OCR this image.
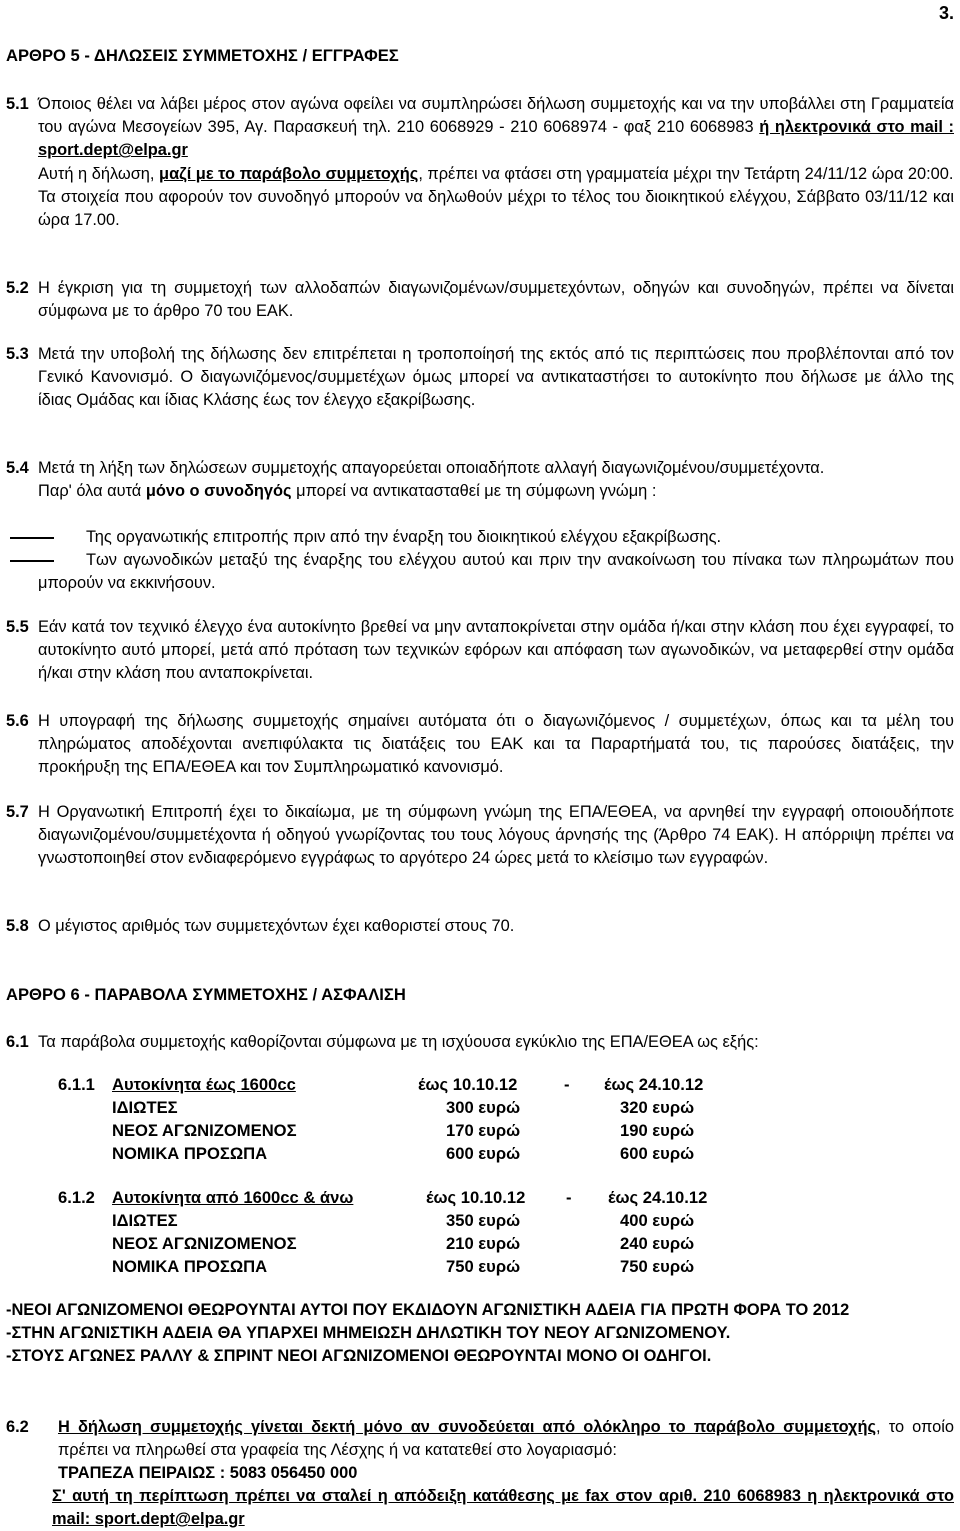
3.
ΑΡΘΡΟ 5 - ΔΗΛΩΣΕΙΣ ΣΥΜΜΕΤΟΧΗΣ / ΕΓΓΡΑΦΕΣ
5.1 Όποιος θέλει να λάβει μέρος στον αγώνα οφείλει να συμπληρώσει δήλωση συμμετοχής και να την υποβάλλει στη Γραμματεία του αγώνα Μεσογείων 395, Αγ. Παρασκευή τηλ. 210 6068929 - 210 6068974 - φαξ 210 6068983 ή ηλεκτρονικά στο mail : sport.dept@elpa.gr

Αυτή η δήλωση, μαζί με το παράβολο συμμετοχής, πρέπει να φτάσει στη γραμματεία μέχρι την Τετάρτη 24/11/12 ώρα 20:00.

Τα στοιχεία που αφορούν τον συνοδηγό μπορούν να δηλωθούν μέχρι το τέλος του διοικητικού ελέγχου, Σάββατο 03/11/12 και ώρα 17.00.

5.2 Η έγκριση για τη συμμετοχή των αλλοδαπών διαγωνιζομένων/συμμετεχόντων, οδηγών και συνοδηγών, πρέπει να δίνεται σύμφωνα με το άρθρο 70 του ΕΑΚ.
5.3 Μετά την υποβολή της δήλωσης δεν επιτρέπεται η τροποποίησή της εκτός από τις περιπτώσεις που προβλέπονται από τον Γενικό Κανονισμό. Ο διαγωνιζόμενος/συμμετέχων όμως μπορεί να αντικαταστήσει το αυτοκίνητο που δήλωσε με άλλο της ίδιας Ομάδας και ίδιας Κλάσης έως τον έλεγχο εξακρίβωσης.
5.4 Μετά τη λήξη των δηλώσεων συμμετοχής απαγορεύεται οποιαδήποτε αλλαγή διαγωνιζομένου/συμμετέχοντα.

Παρ' όλα αυτά μόνο ο συνοδηγός μπορεί να αντικατασταθεί με τη σύμφωνη γνώμη :

Της οργανωτικής επιτροπής πριν από την έναρξη του διοικητικού ελέγχου εξακρίβωσης.
Των αγωνοδικών μεταξύ της έναρξης του ελέγχου αυτού και πριν την ανακοίνωση του πίνακα των πληρωμάτων που μπορούν να εκκινήσουν.
5.5 Εάν κατά τον τεχνικό έλεγχο ένα αυτοκίνητο βρεθεί να μην ανταποκρίνεται στην ομάδα ή/και στην κλάση που έχει εγγραφεί, το αυτοκίνητο αυτό μπορεί, μετά από πρόταση των τεχνικών εφόρων και απόφαση των αγωνοδικών, να μεταφερθεί στην ομάδα ή/και στην κλάση που ανταποκρίνεται.
5.6 Η υπογραφή της δήλωσης συμμετοχής σημαίνει αυτόματα ότι ο διαγωνιζόμενος / συμμετέχων, όπως και τα μέλη του πληρώματος αποδέχονται ανεπιφύλακτα τις διατάξεις του ΕΑΚ και τα Παραρτήματά του, τις παρούσες διατάξεις, την προκήρυξη της ΕΠΑ/ΕΘΕΑ και τον Συμπληρωματικό κανονισμό.
5.7 Η Οργανωτική Επιτροπή έχει το δικαίωμα, με τη σύμφωνη γνώμη της ΕΠΑ/ΕΘΕΑ, να αρνηθεί την εγγραφή οποιουδήποτε διαγωνιζομένου/συμμετέχοντα ή οδηγού γνωρίζοντας του τους λόγους άρνησής της (Άρθρο 74 ΕΑΚ). Η απόρριψη πρέπει να γνωστοποιηθεί στον ενδιαφερόμενο εγγράφως το αργότερο 24 ώρες μετά το κλείσιμο των εγγραφών.
5.8 Ο μέγιστος αριθμός των συμμετεχόντων έχει καθοριστεί στους 70.
ΑΡΘΡΟ 6 - ΠΑΡΑΒΟΛΑ ΣΥΜΜΕΤΟΧΗΣ / ΑΣΦΑΛΙΣΗ
6.1 Τα παράβολα συμμετοχής καθορίζονται σύμφωνα με τη ισχύουσα εγκύκλιο της ΕΠΑ/ΕΘΕΑ ως εξής:
6.1.1 Αυτοκίνητα έως 1600cc	έως 10.10.12	- έως 24.10.12
ΙΔΙΩΤΕΣ	300 ευρώ	320 ευρώ
ΝΕΟΣ ΑΓΩΝΙΖΟΜΕΝΟΣ	170 ευρώ	190 ευρώ
ΝΟΜΙΚΑ ΠΡΟΣΩΠΑ	600 ευρώ	600 ευρώ
6.1.2 Αυτοκίνητα από 1600cc & άνω	έως 10.10.12 - έως 24.10.12
ΙΔΙΩΤΕΣ	350 ευρώ	400 ευρώ
ΝΕΟΣ ΑΓΩΝΙΖΟΜΕΝΟΣ	210 ευρώ	240 ευρώ
ΝΟΜΙΚΑ ΠΡΟΣΩΠΑ	750 ευρώ	750 ευρώ
-ΝΕΟΙ ΑΓΩΝΙΖΟΜΕΝΟΙ ΘΕΩΡΟΥΝΤΑΙ ΑΥΤΟΙ ΠΟΥ ΕΚΔΙΔΟΥΝ ΑΓΩΝΙΣΤΙΚΗ ΑΔΕΙΑ ΓΙΑ ΠΡΩΤΗ ΦΟΡΑ ΤΟ 2012
-ΣΤΗΝ ΑΓΩΝΙΣΤΙΚΗ ΑΔΕΙΑ ΘΑ ΥΠΑΡΧΕΙ ΜΗΜΕΙΩΣΗ ΔΗΛΩΤΙΚΗ ΤΟΥ ΝΕΟΥ ΑΓΩΝΙΖΟΜΕΝΟΥ.
-ΣΤΟΥΣ ΑΓΩΝΕΣ ΡΑΛΛΥ & ΣΠΡΙΝΤ ΝΕΟΙ ΑΓΩΝΙΖΟΜΕΝΟΙ ΘΕΩΡΟΥΝΤΑΙ ΜΟΝΟ ΟΙ ΟΔΗΓΟΙ.
6.2 Η δήλωση συμμετοχής γίνεται δεκτή μόνο αν συνοδεύεται από ολόκληρο το παράβολο συμμετοχής, το οποίο πρέπει να πληρωθεί στα γραφεία της Λέσχης ή να κατατεθεί στο λογαριασμό:

ΤΡΑΠΕΖΑ ΠΕΙΡΑΙΩΣ : 5083 056450 000

Σ' αυτή τη περίπτωση πρέπει να σταλεί η απόδειξη κατάθεσης με fax στον αριθ. 210 6068983 η ηλεκτρονικά στο mail: sport.dept@elpa.gr
